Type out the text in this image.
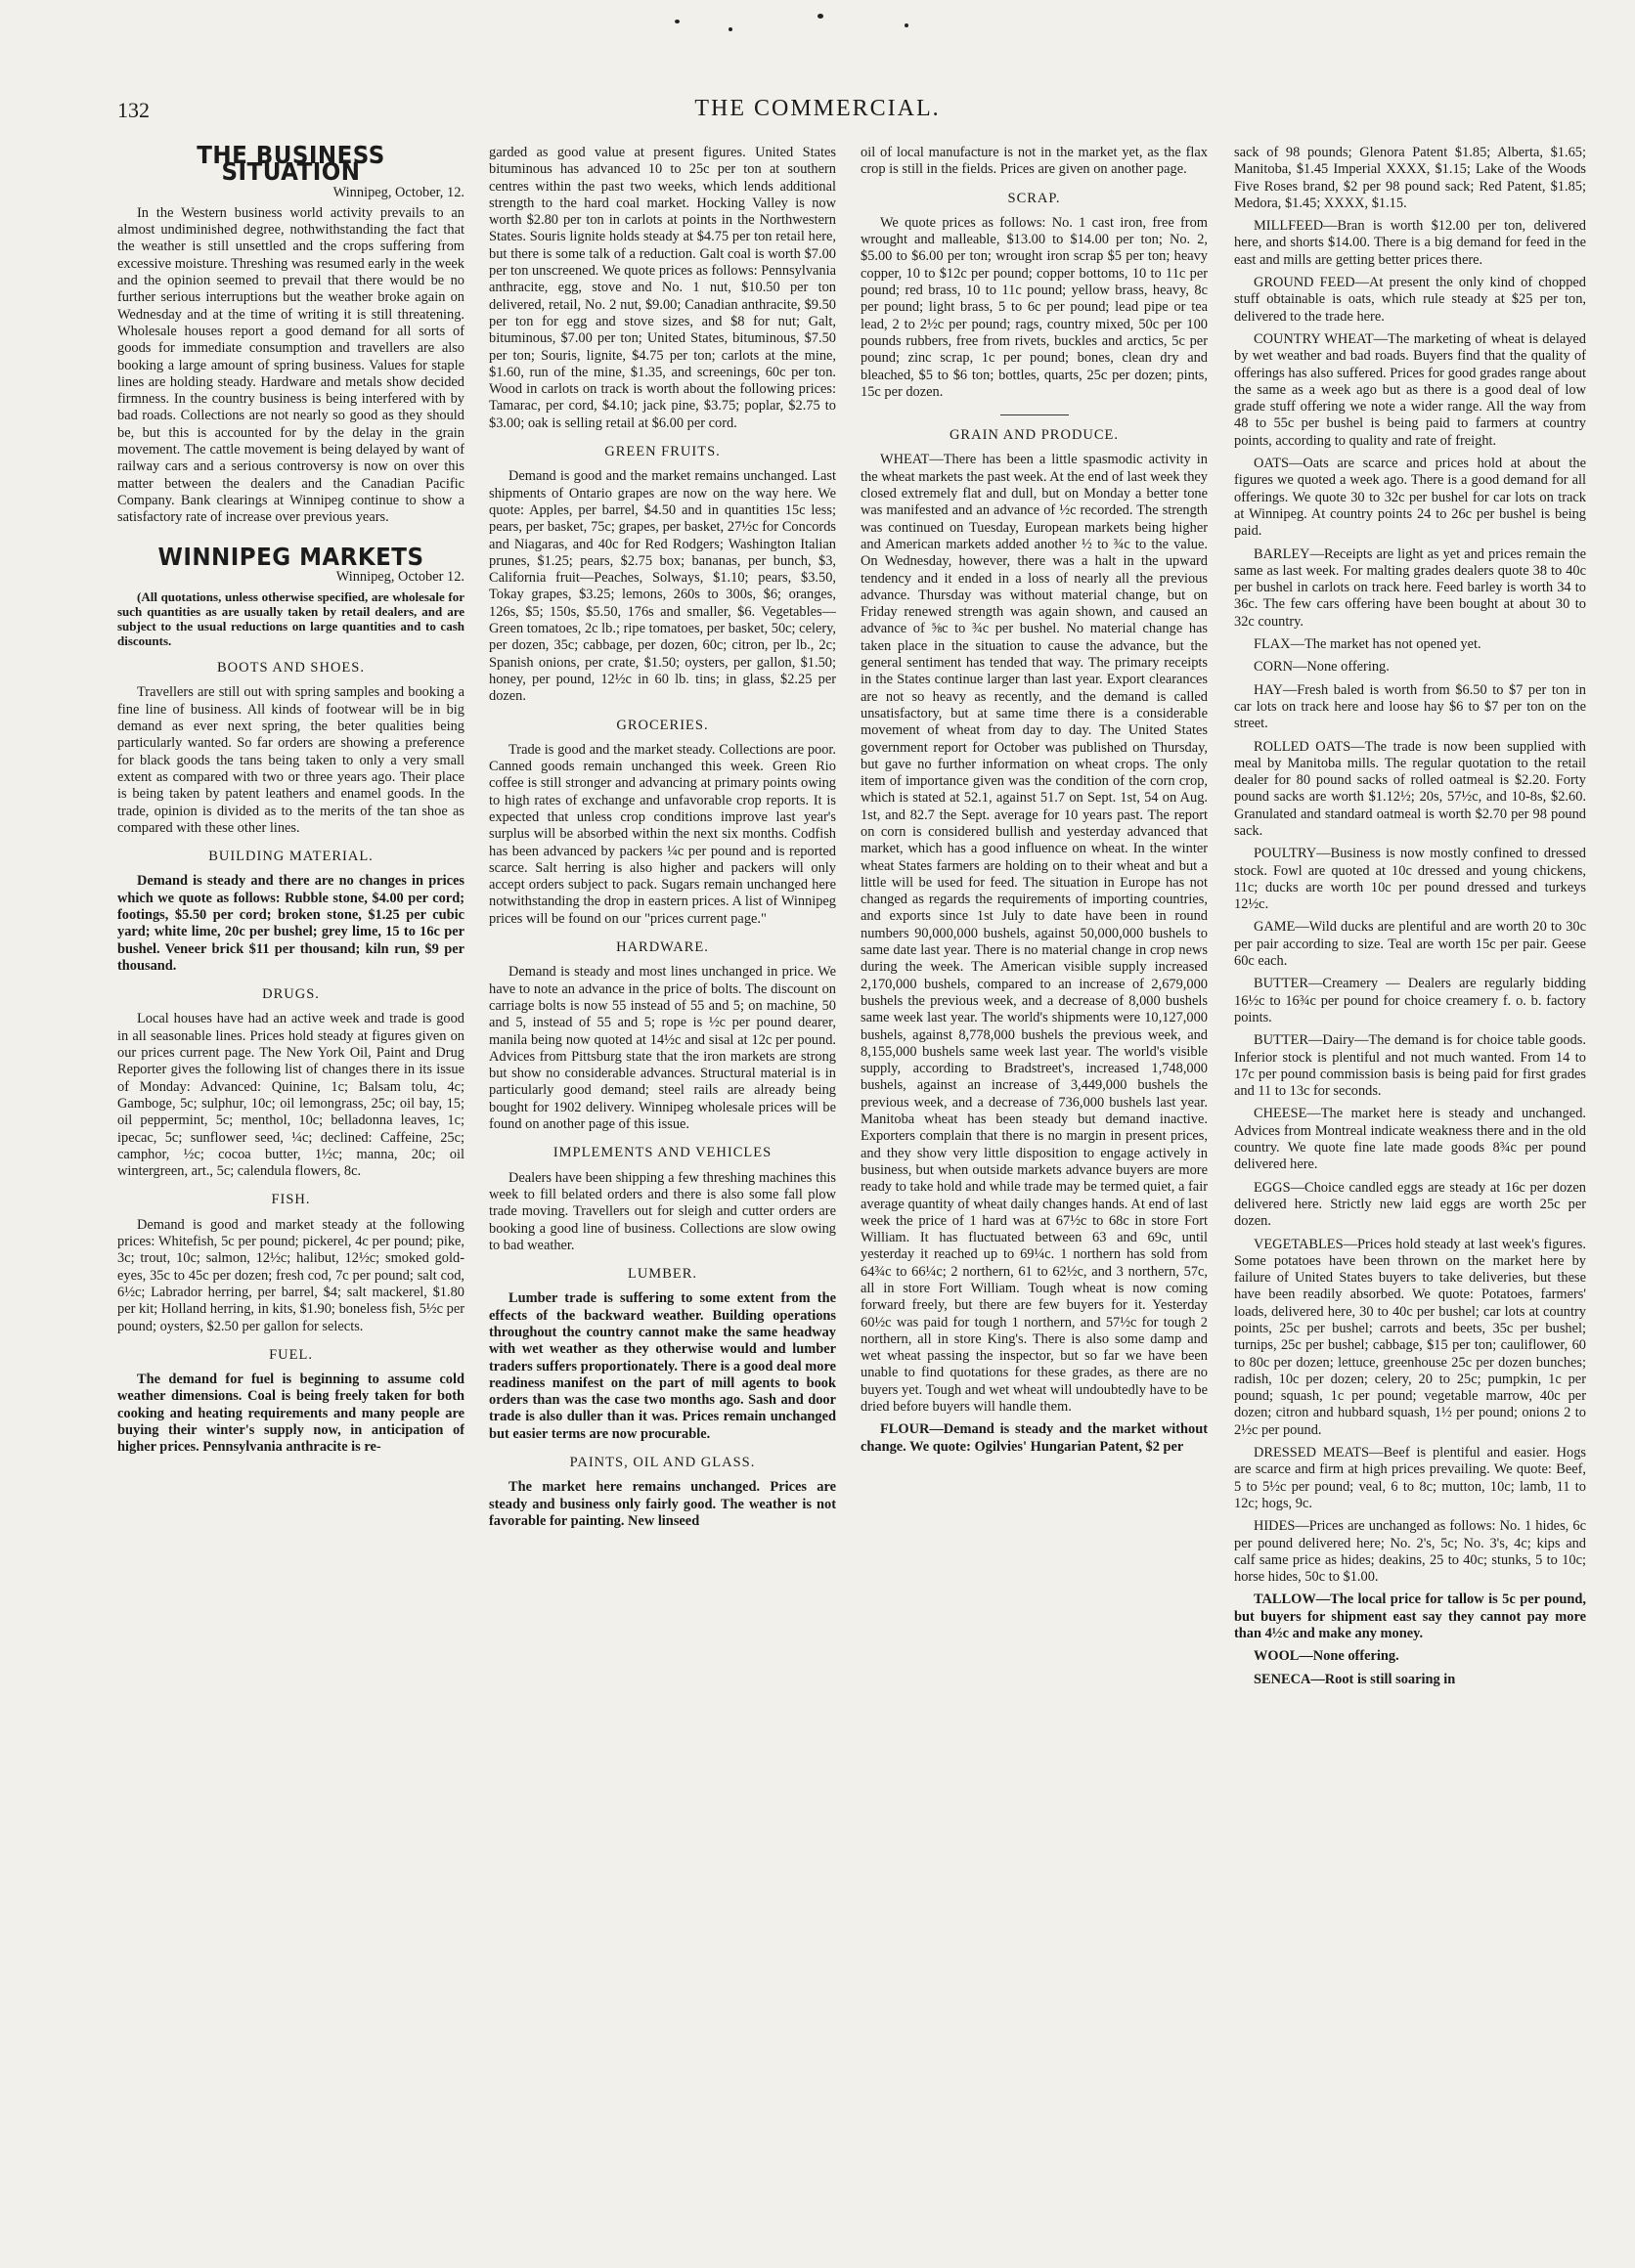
132	THE COMMERCIAL.
THE BUSINESS SITUATION
Winnipeg, October, 12.

In the Western business world activity prevails to an almost undiminished degree, nothwithstanding the fact that the weather is still unsettled and the crops suffering from excessive moisture. Threshing was resumed early in the week and the opinion seemed to prevail that there would be no further serious interruptions but the weather broke again on Wednesday and at the time of writing it is still threatening. Wholesale houses report a good demand for all sorts of goods for immediate consumption and travellers are also booking a large amount of spring business. Values for staple lines are holding steady. Hardware and metals show decided firmness. In the country business is being interfered with by bad roads. Collections are not nearly so good as they should be, but this is accounted for by the delay in the grain movement. The cattle movement is being delayed by want of railway cars and a serious controversy is now on over this matter between the dealers and the Canadian Pacific Company. Bank clearings at Winnipeg continue to show a satisfactory rate of increase over previous years.

WINNIPEG MARKETS
Winnipeg, October 12.

(All quotations, unless otherwise specified, are wholesale for such quantities as are usually taken by retail dealers, and are subject to the usual reductions on large quantities and to cash discounts.

BOOTS AND SHOES.

Travellers are still out with spring samples and booking a fine line of business. All kinds of footwear will be in big demand as ever next spring, the beter qualities being particularly wanted. So far orders are showing a preference for black goods the tans being taken to only a very small extent as compared with two or three years ago. Their place is being taken by patent leathers and enamel goods. In the trade, opinion is divided as to the merits of the tan shoe as compared with these other lines.

BUILDING MATERIAL.

Demand is steady and there are no changes in prices which we quote as follows: Rubble stone, $4.00 per cord; footings, $5.50 per cord; broken stone, $1.25 per cubic yard; white lime, 20c per bushel; grey lime, 15 to 16c per bushel. Veneer brick $11 per thousand; kiln run, $9 per thousand.

DRUGS.

Local houses have had an active week and trade is good in all seasonable lines. Prices hold steady at figures given on our prices current page. The New York Oil, Paint and Drug Reporter gives the following list of changes there in its issue of Monday: Advanced: Quinine, 1c; Balsam tolu, 4c; Gamboge, 5c; sulphur, 10c; oil lemongrass, 25c; oil bay, 15; oil peppermint, 5c; menthol, 10c; belladonna leaves, 1c; ipecac, 5c; sunflower seed, ¼c; declined: Caffeine, 25c; camphor, ½c; cocoa butter, 1½c; manna, 20c; oil wintergreen, art., 5c; calendula flowers, 8c.

FISH.

Demand is good and market steady at the following prices: Whitefish, 5c per pound; pickerel, 4c per pound; pike, 3c; trout, 10c; salmon, 12½c; halibut, 12½c; smoked gold-eyes, 35c to 45c per dozen; fresh cod, 7c per pound; salt cod, 6½c; Labrador herring, per barrel, $4; salt mackerel, $1.80 per kit; Holland herring, in kits, $1.90; boneless fish, 5½c per pound; oysters, $2.50 per gallon for selects.

FUEL.

The demand for fuel is beginning to assume cold weather dimensions. Coal is being freely taken for both cooking and heating requirements and many people are buying their winter's supply now, in anticipation of higher prices. Pennsylvania anthracite is re-

garded as good value at present figures. United States bituminous has advanced 10 to 25c per ton at southern centres within the past two weeks, which lends additional strength to the hard coal market. Hocking Valley is now worth $2.80 per ton in carlots at points in the Northwestern States. Souris lignite holds steady at $4.75 per ton retail here, but there is some talk of a reduction. Galt coal is worth $7.00 per ton unscreened. We quote prices as follows: Pennsylvania anthracite, egg, stove and No. 1 nut, $10.50 per ton delivered, retail, No. 2 nut, $9.00; Canadian anthracite, $9.50 per ton for egg and stove sizes, and $8 for nut; Galt, bituminous, $7.00 per ton; United States, bituminous, $7.50 per ton; Souris, lignite, $4.75 per ton; carlots at the mine, $1.60, run of the mine, $1.35, and screenings, 60c per ton. Wood in carlots on track is worth about the following prices: Tamarac, per cord, $4.10; jack pine, $3.75; poplar, $2.75 to $3.00; oak is selling retail at $6.00 per cord.

GREEN FRUITS.

Demand is good and the market remains unchanged. Last shipments of Ontario grapes are now on the way here. We quote: Apples, per barrel, $4.50 and in quantities 15c less; pears, per basket, 75c; grapes, per basket, 27½c for Concords and Niagaras, and 40c for Red Rodgers; Washington Italian prunes, $1.25; pears, $2.75 box; bananas, per bunch, $3, California fruit—Peaches, Solways, $1.10; pears, $3.50, Tokay grapes, $3.25; lemons, 260s to 300s, $6; oranges, 126s, $5; 150s, $5.50, 176s and smaller, $6. Vegetables—Green tomatoes, 2c lb.; ripe tomatoes, per basket, 50c; celery, per dozen, 35c; cabbage, per dozen, 60c; citron, per lb., 2c; Spanish onions, per crate, $1.50; oysters, per gallon, $1.50; honey, per pound, 12½c in 60 lb. tins; in glass, $2.25 per dozen.

GROCERIES.

Trade is good and the market steady. Collections are poor. Canned goods remain unchanged this week. Green Rio coffee is still stronger and advancing at primary points owing to high rates of exchange and unfavorable crop reports. It is expected that unless crop conditions improve last year's surplus will be absorbed within the next six months. Codfish has been advanced by packers ¼c per pound and is reported scarce. Salt herring is also higher and packers will only accept orders subject to pack. Sugars remain unchanged here notwithstanding the drop in eastern prices. A list of Winnipeg prices will be found on our "prices current page."

HARDWARE.

Demand is steady and most lines unchanged in price. We have to note an advance in the price of bolts. The discount on carriage bolts is now 55 instead of 55 and 5; on machine, 50 and 5, instead of 55 and 5; rope is ½c per pound dearer, manila being now quoted at 14½c and sisal at 12c per pound. Advices from Pittsburg state that the iron markets are strong but show no considerable advances. Structural material is in particularly good demand; steel rails are already being bought for 1902 delivery. Winnipeg wholesale prices will be found on another page of this issue.

IMPLEMENTS AND VEHICLES

Dealers have been shipping a few threshing machines this week to fill belated orders and there is also some fall plow trade moving. Travellers out for sleigh and cutter orders are booking a good line of business. Collections are slow owing to bad weather.

LUMBER.

Lumber trade is suffering to some extent from the effects of the backward weather. Building operations throughout the country cannot make the same headway with wet weather as they otherwise would and lumber traders suffers proportionately. There is a good deal more readiness manifest on the part of mill agents to book orders than was the case two months ago. Sash and door trade is also duller than it was. Prices remain unchanged but easier terms are now procurable.

PAINTS, OIL AND GLASS.

The market here remains unchanged. Prices are steady and business only fairly good. The weather is not favorable for painting. New linseed

oil of local manufacture is not in the market yet, as the flax crop is still in the fields. Prices are given on another page.

SCRAP.

We quote prices as follows: No. 1 cast iron, free from wrought and malleable, $13.00 to $14.00 per ton; No. 2, $5.00 to $6.00 per ton; wrought iron scrap $5 per ton; heavy copper, 10 to $12c per pound; copper bottoms, 10 to 11c per pound; red brass, 10 to 11c pound; yellow brass, heavy, 8c per pound; light brass, 5 to 6c per pound; lead pipe or tea lead, 2 to 2½c per pound; rags, country mixed, 50c per 100 pounds rubbers, free from rivets, buckles and arctics, 5c per pound; zinc scrap, 1c per pound; bones, clean dry and bleached, $5 to $6 ton; bottles, quarts, 25c per dozen; pints, 15c per dozen.

GRAIN AND PRODUCE.

WHEAT—There has been a little spasmodic activity in the wheat markets the past week. At the end of last week they closed extremely flat and dull, but on Monday a better tone was manifested and an advance of ½c recorded. The strength was continued on Tuesday, European markets being higher and American markets added another ½ to ¾c to the value. On Wednesday, however, there was a halt in the upward tendency and it ended in a loss of nearly all the previous advance. Thursday was without material change, but on Friday renewed strength was again shown, and caused an advance of ⅝c to ¾c per bushel. No material change has taken place in the situation to cause the advance, but the general sentiment has tended that way. The primary receipts in the States continue larger than last year. Export clearances are not so heavy as recently, and the demand is called unsatisfactory, but at same time there is a considerable movement of wheat from day to day. The United States government report for October was published on Thursday, but gave no further information on wheat crops. The only item of importance given was the condition of the corn crop, which is stated at 52.1, against 51.7 on Sept. 1st, 54 on Aug. 1st, and 82.7 the Sept. average for 10 years past. The report on corn is considered bullish and yesterday advanced that market, which has a good influence on wheat. In the winter wheat States farmers are holding on to their wheat and but a little will be used for feed. The situation in Europe has not changed as regards the requirements of importing countries, and exports since 1st July to date have been in round numbers 90,000,000 bushels, against 50,000,000 bushels to same date last year. There is no material change in crop news during the week. The American visible supply increased 2,170,000 bushels, compared to an increase of 2,679,000 bushels the previous week, and a decrease of 8,000 bushels same week last year. The world's shipments were 10,127,000 bushels, against 8,778,000 bushels the previous week, and 8,155,000 bushels same week last year. The world's visible supply, according to Bradstreet's, increased 1,748,000 bushels, against an increase of 3,449,000 bushels the previous week, and a decrease of 736,000 bushels last year. Manitoba wheat has been steady but demand inactive. Exporters complain that there is no margin in present prices, and they show very little disposition to engage actively in business, but when outside markets advance buyers are more ready to take hold and while trade may be termed quiet, a fair average quantity of wheat daily changes hands. At end of last week the price of 1 hard was at 67½c to 68c in store Fort William. It has fluctuated between 63 and 69c, until yesterday it reached up to 69¼c. 1 northern has sold from 64¾c to 66¼c; 2 northern, 61 to 62½c, and 3 northern, 57c, all in store Fort William. Tough wheat is now coming forward freely, but there are few buyers for it. Yesterday 60½c was paid for tough 1 northern, and 57½c for tough 2 northern, all in store King's. There is also some damp and wet wheat passing the inspector, but so far we have been unable to find quotations for these grades, as there are no buyers yet. Tough and wet wheat will undoubtedly have to be dried before buyers will handle them.

FLOUR—Demand is steady and the market without change. We quote: Ogilvies' Hungarian Patent, $2 per

sack of 98 pounds; Glenora Patent $1.85; Alberta, $1.65; Manitoba, $1.45 Imperial XXXX, $1.15; Lake of the Woods Five Roses brand, $2 per 98 pound sack; Red Patent, $1.85; Medora, $1.45; XXXX, $1.15.

MILLFEED—Bran is worth $12.00 per ton, delivered here, and shorts $14.00. There is a big demand for feed in the east and mills are getting better prices there.

GROUND FEED—At present the only kind of chopped stuff obtainable is oats, which rule steady at $25 per ton, delivered to the trade here.

COUNTRY WHEAT—The marketing of wheat is delayed by wet weather and bad roads. Buyers find that the quality of offerings has also suffered. Prices for good grades range about the same as a week ago but as there is a good deal of low grade stuff offering we note a wider range. All the way from 48 to 55c per bushel is being paid to farmers at country points, according to quality and rate of freight.

OATS—Oats are scarce and prices hold at about the figures we quoted a week ago. There is a good demand for all offerings. We quote 30 to 32c per bushel for car lots on track at Winnipeg. At country points 24 to 26c per bushel is being paid.

BARLEY—Receipts are light as yet and prices remain the same as last week. For malting grades dealers quote 38 to 40c per bushel in carlots on track here. Feed barley is worth 34 to 36c. The few cars offering have been bought at about 30 to 32c country.

FLAX—The market has not opened yet.

CORN—None offering.

HAY—Fresh baled is worth from $6.50 to $7 per ton in car lots on track here and loose hay $6 to $7 per ton on the street.

ROLLED OATS—The trade is now been supplied with meal by Manitoba mills. The regular quotation to the retail dealer for 80 pound sacks of rolled oatmeal is $2.20. Forty pound sacks are worth $1.12½; 20s, 57½c, and 10-8s, $2.60. Granulated and standard oatmeal is worth $2.70 per 98 pound sack.

POULTRY—Business is now mostly confined to dressed stock. Fowl are quoted at 10c dressed and young chickens, 11c; ducks are worth 10c per pound dressed and turkeys 12½c.

GAME—Wild ducks are plentiful and are worth 20 to 30c per pair according to size. Teal are worth 15c per pair. Geese 60c each.

BUTTER—Creamery — Dealers are regularly bidding 16½c to 16¾c per pound for choice creamery f. o. b. factory points.

BUTTER—Dairy—The demand is for choice table goods. Inferior stock is plentiful and not much wanted. From 14 to 17c per pound commission basis is being paid for first grades and 11 to 13c for seconds.

CHEESE—The market here is steady and unchanged. Advices from Montreal indicate weakness there and in the old country. We quote fine late made goods 8¾c per pound delivered here.

EGGS—Choice candled eggs are steady at 16c per dozen delivered here. Strictly new laid eggs are worth 25c per dozen.

VEGETABLES—Prices hold steady at last week's figures. Some potatoes have been thrown on the market here by failure of United States buyers to take deliveries, but these have been readily absorbed. We quote: Potatoes, farmers' loads, delivered here, 30 to 40c per bushel; car lots at country points, 25c per bushel; carrots and beets, 35c per bushel; turnips, 25c per bushel; cabbage, $15 per ton; cauliflower, 60 to 80c per dozen; lettuce, greenhouse 25c per dozen bunches; radish, 10c per dozen; celery, 20 to 25c; pumpkin, 1c per pound; squash, 1c per pound; vegetable marrow, 40c per dozen; citron and hubbard squash, 1½ per pound; onions 2 to 2½c per pound.

DRESSED MEATS—Beef is plentiful and easier. Hogs are scarce and firm at high prices prevailing. We quote: Beef, 5 to 5½c per pound; veal, 6 to 8c; mutton, 10c; lamb, 11 to 12c; hogs, 9c.

HIDES—Prices are unchanged as follows: No. 1 hides, 6c per pound delivered here; No. 2's, 5c; No. 3's, 4c; kips and calf same price as hides; deakins, 25 to 40c; stunks, 5 to 10c; horse hides, 50c to $1.00.

TALLOW—The local price for tallow is 5c per pound, but buyers for shipment east say they cannot pay more than 4½c and make any money.

WOOL—None offering.

SENECA—Root is still soaring in
